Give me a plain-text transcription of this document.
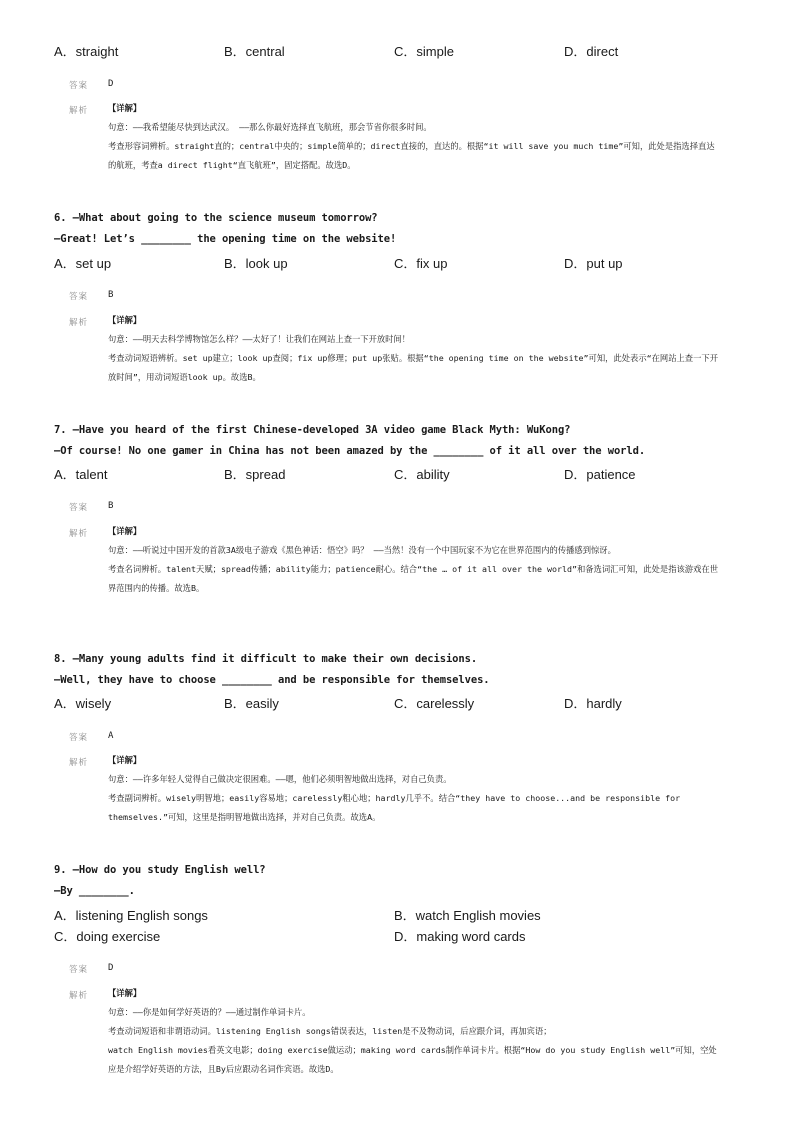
A．straight	B．central	C．simple	D．direct
答案 D
解析 【详解】
句意：——我希望能尽快到达武汉。 ——那么你最好选择直飞航班，那会节省你很多时间。
考查形容词辨析。straight直的；central中央的；simple简单的；direct直接的，直达的。根据“it will save you much time”可知，此处是指选择直达的航班，考查a direct flight“直飞航班”，固定搭配。故选D。
6. —What about going to the science museum tomorrow?
—Great! Let’s ________ the opening time on the website!
A．set up	B．look up	C．fix up	D．put up
答案 B
解析 【详解】
句意：——明天去科学博物馆怎么样？——太好了！让我们在网站上查一下开放时间！
考查动词短语辨析。set up建立；look up查阅；fix up修理；put up张贴。根据“the opening time on the website”可知，此处表示“在网站上查一下开放时间”，用动词短语look up。故选B。
7. —Have you heard of the first Chinese-developed 3A video game Black Myth: WuKong?
—Of course! No one gamer in China has not been amazed by the ________ of it all over the world.
A．talent	B．spread	C．ability	D．patience
答案 B
解析 【详解】
句意：——听说过中国开发的首款3A级电子游戏《黑色神话：悟空》吗？ ——当然！没有一个中国玩家不为它在世界范围内的传播感到惊讶。
考查名词辨析。talent天赋；spread传播；ability能力；patience耐心。结合“the … of it all over the world”和备选词汇可知，此处是指该游戏在世界范围内的传播。故选B。
8. —Many young adults find it difficult to make their own decisions.
—Well, they have to choose ________ and be responsible for themselves.
A．wisely	B．easily	C．carelessly	D．hardly
答案 A
解析 【详解】
句意：——许多年轻人觉得自己做决定很困难。——嗯，他们必须明智地做出选择，对自己负责。
考查副词辨析。wisely明智地；easily容易地；carelessly粗心地；hardly几乎不。结合“they have to choose...and be responsible for themselves.”可知，这里是指明智地做出选择，并对自己负责。故选A。
9. —How do you study English well?
—By ________.
A．listening English songs	B．watch English movies
C．doing exercise	D．making word cards
答案 D
解析 【详解】
句意：——你是如何学好英语的？——通过制作单词卡片。
考查动词短语和非谓语动词。listening English songs错误表达，listen是不及物动词，后应跟介词，再加宾语；
watch English movies看英文电影；doing exercise做运动；making word cards制作单词卡片。根据“How do you study English well”可知，空处应是介绍学好英语的方法，且By后应跟动名词作宾语。故选D。
